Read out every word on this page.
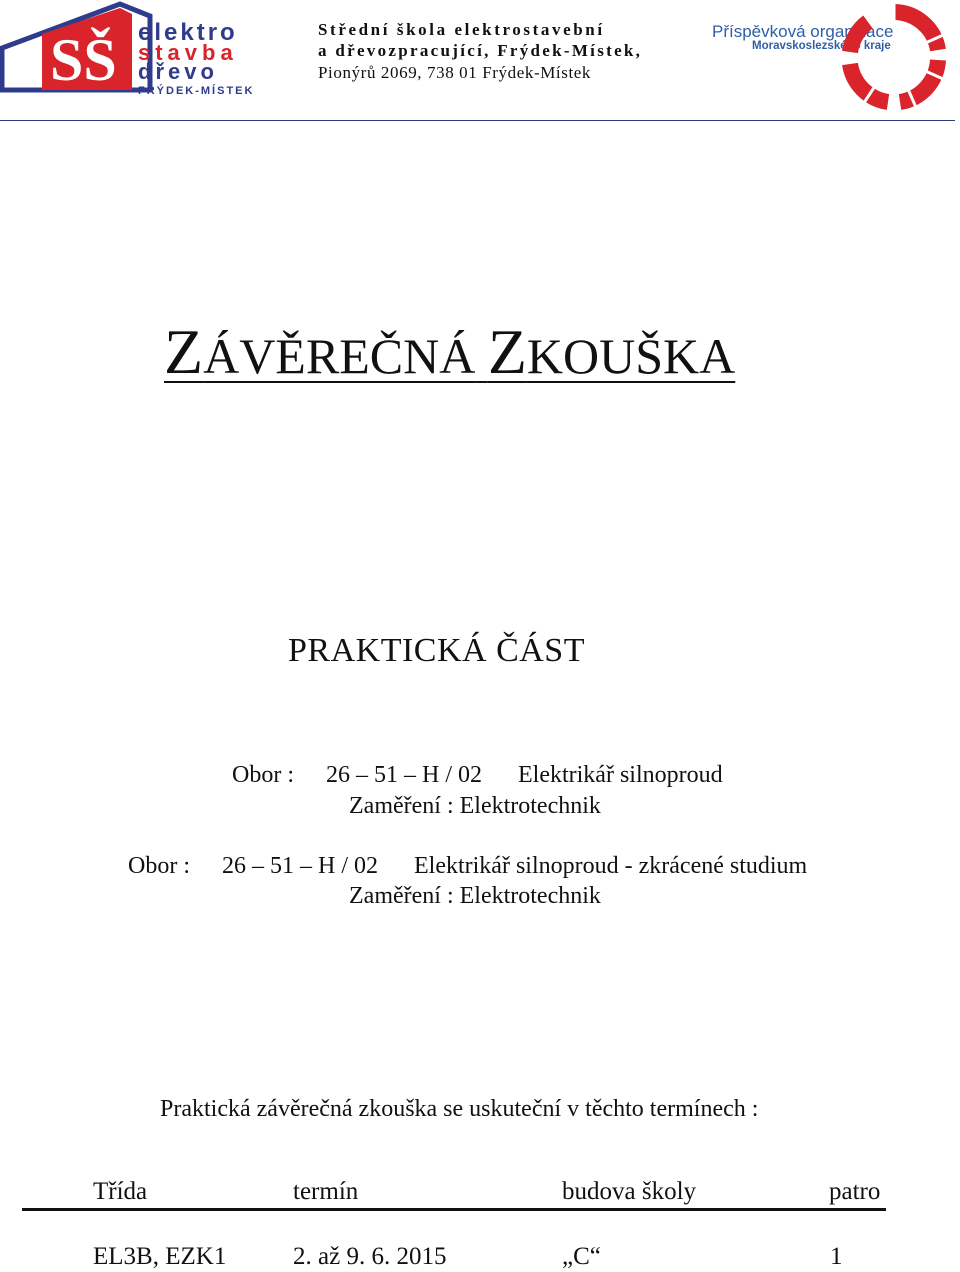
SŠ elektro
stavba
dřevo
FRÝDEK-MÍSTEK
Střední škola elektrostavební
a dřevozpracující, Frýdek-Místek,
Pionýrů 2069, 738 01 Frýdek-Místek
Příspěvková organizace
Moravskoslezského kraje
ZÁVĚREČNÁ ZKOUŠKA
PRAKTICKÁ ČÁST
Obor : 26 – 51 – H / 02 Elektrikář silnoproud
Zaměření : Elektrotechnik
Obor : 26 – 51 – H / 02 Elektrikář silnoproud - zkrácené studium
Zaměření : Elektrotechnik
Praktická závěrečná zkouška se uskuteční v těchto termínech :
Třída	termín	budova školy	patro
EL3B, EZK1	2. až 9. 6. 2015	„C“	1
